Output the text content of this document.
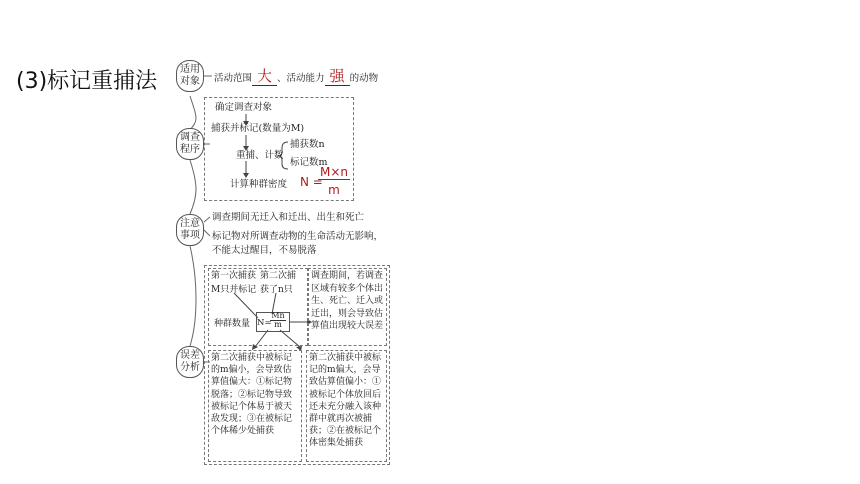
(3)标记重捕法	适用对象
调查程序
注意事项
误差分析
活动范围 大 、活动能力 强 的动物
确定调查对象
捕获并标记(数量为M)
重捕、计数
捕获数n
标记数m
计算种群密度 N =
M×n
m
调查期间无迁入和迁出、出生和死亡
标记物对所调查动物的生命活动无影响，不能太过醒目，不易脱落
第一次捕获 M只并标记
第二次捕获了n只
种群数量 N=
Mn
m
调查期间，若调查区域有较多个体出生、死亡、迁入或迁出，则会导致估算值出现较大误差
第二次捕获中被标记的m偏小，会导致估算值偏大：①标记物脱落；②标记物导致被标记个体易于被天敌发现；③在被标记个体稀少处捕获
第二次捕获中被标记的m偏大，会导致估算值偏小：①被标记个体放回后还未充分融入该种群中就再次被捕获；②在被标记个体密集处捕获
